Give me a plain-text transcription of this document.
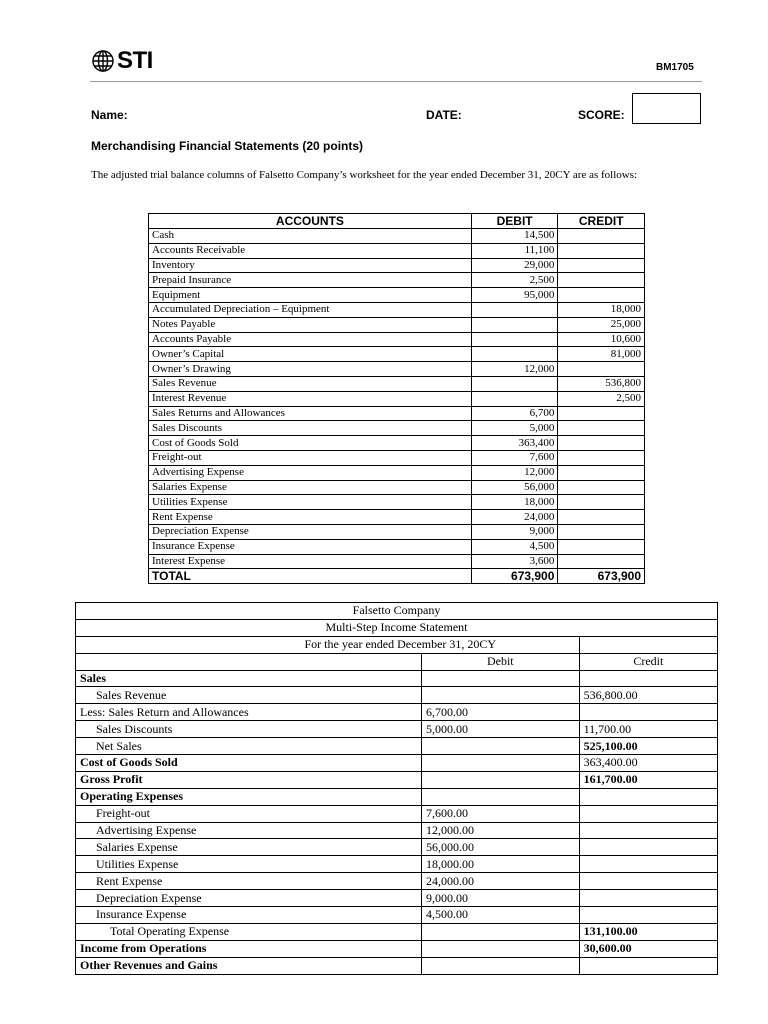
STI	BM1705
Name:	DATE:	SCORE:
Merchandising Financial Statements (20 points)
The adjusted trial balance columns of Falsetto Company’s worksheet for the year ended December 31, 20CY are as follows:
ACCOUNTS	DEBIT	CREDIT
Cash	14,500	
Accounts Receivable	11,100	
Inventory	29,000	
Prepaid Insurance	2,500	
Equipment	95,000	
Accumulated Depreciation – Equipment		18,000
Notes Payable		25,000
Accounts Payable		10,600
Owner’s Capital		81,000
Owner’s Drawing	12,000	
Sales Revenue		536,800
Interest Revenue		2,500
Sales Returns and Allowances	6,700	
Sales Discounts	5,000	
Cost of Goods Sold	363,400	
Freight-out	7,600	
Advertising Expense	12,000	
Salaries Expense	56,000	
Utilities Expense	18,000	
Rent Expense	24,000	
Depreciation Expense	9,000	
Insurance Expense	4,500	
Interest Expense	3,600	
TOTAL	673,900	673,900
Falsetto Company		
Multi-Step Income Statement		
For the year ended December 31, 20CY		
	Debit	Credit
Sales		
Sales Revenue		536,800.00
Less: Sales Return and Allowances	6,700.00	
Sales Discounts	5,000.00	11,700.00
Net Sales		525,100.00
Cost of Goods Sold		363,400.00
Gross Profit		161,700.00
Operating Expenses		
Freight-out	7,600.00	
Advertising Expense	12,000.00	
Salaries Expense	56,000.00	
Utilities Expense	18,000.00	
Rent Expense	24,000.00	
Depreciation Expense	9,000.00	
Insurance Expense	4,500.00	
Total Operating Expense		131,100.00
Income from Operations		30,600.00
Other Revenues and Gains		
